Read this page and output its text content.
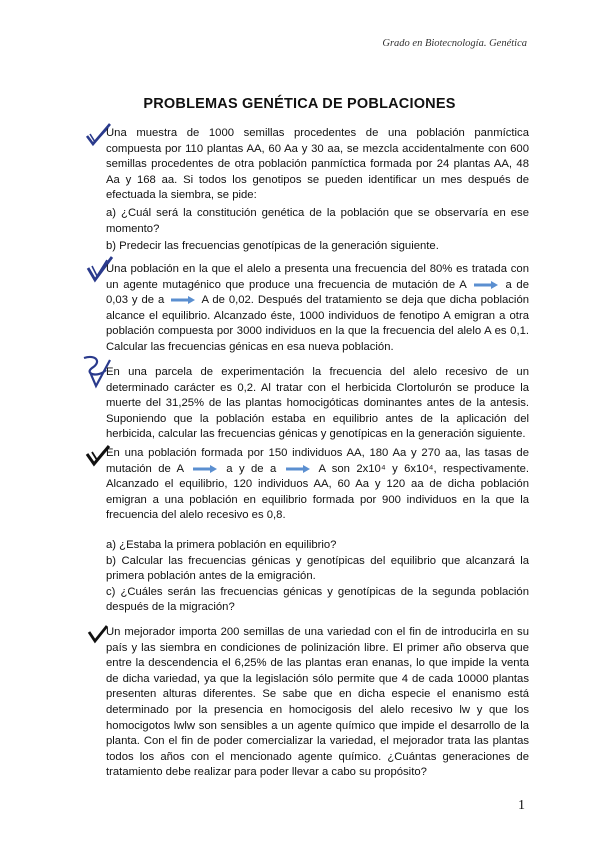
Grado en Biotecnología. Genética
PROBLEMAS GENÉTICA DE POBLACIONES

Una muestra de 1000 semillas procedentes de una población panmíctica compuesta por 110 plantas AA, 60 Aa y 30 aa, se mezcla accidentalmente con 600 semillas procedentes de otra población panmíctica formada por 24 plantas AA, 48 Aa y 168 aa. Si todos los genotipos se pueden identificar un mes después de efectuada la siembra, se pide:

a) ¿Cuál será la constitución genética de la población que se observaría en ese momento?

b) Predecir las frecuencias genotípicas de la generación siguiente.

Una población en la que el alelo a presenta una frecuencia del 80% es tratada con un agente mutagénico que produce una frecuencia de mutación de A	a de 0,03 y de a	A de 0,02. Después del tratamiento se deja que dicha población alcance el equilibrio. Alcanzado éste, 1000 individuos de fenotipo A emigran a otra población compuesta por 3000 individuos en la que la frecuencia del alelo A es 0,1. Calcular las frecuencias génicas en esa nueva población.

En una parcela de experimentación la frecuencia del alelo recesivo de un determinado carácter es 0,2. Al tratar con el herbicida Clortolurón se produce la muerte del 31,25% de las plantas homocigóticas dominantes antes de la antesis. Suponiendo que la población estaba en equilibrio antes de la aplicación del herbicida, calcular las frecuencias génicas y genotípicas en la generación siguiente.

En una población formada por 150 individuos AA, 180 Aa y 270 aa, las tasas de mutación de A	a y de a	A son 2x10⁴ y 6x10⁴, respectivamente. Alcanzado el equilibrio, 120 individuos AA, 60 Aa y 120 aa de dicha población emigran a una población en equilibrio formada por 900 individuos en la que la frecuencia del alelo recesivo es 0,8.

a) ¿Estaba la primera población en equilibrio?

b) Calcular las frecuencias génicas y genotípicas del equilibrio que alcanzará la primera población antes de la emigración.

c) ¿Cuáles serán las frecuencias génicas y genotípicas de la segunda población después de la migración?

Un mejorador importa 200 semillas de una variedad con el fin de introducirla en su país y las siembra en condiciones de polinización libre. El primer año observa que entre la descendencia el 6,25% de las plantas eran enanas, lo que impide la venta de dicha variedad, ya que la legislación sólo permite que 4 de cada 10000 plantas presenten alturas diferentes. Se sabe que en dicha especie el enanismo está determinado por la presencia en homocigosis del alelo recesivo lw y que los homocigotos lwlw son sensibles a un agente químico que impide el desarrollo de la planta. Con el fin de poder comercializar la variedad, el mejorador trata las plantas todos los años con el mencionado agente químico. ¿Cuántas generaciones de tratamiento debe realizar para poder llevar a cabo su propósito?

1
